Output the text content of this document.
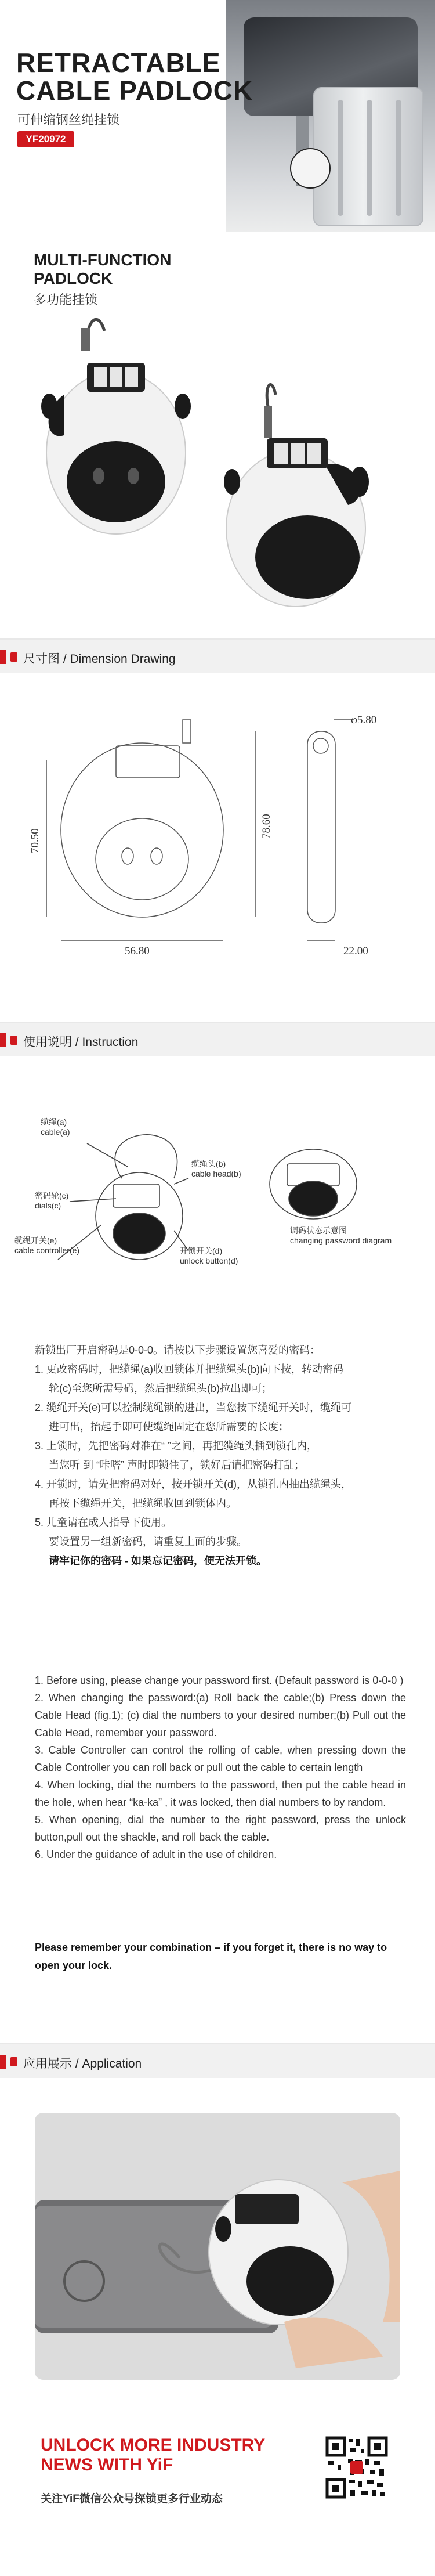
RETRACTABLE
CABLE PADLOCK
可伸缩钢丝绳挂锁
YF20972
MULTI-FUNCTION
PADLOCK
多功能挂锁
尺寸图 / Dimension Drawing
φ5.80
70.50
78.60
56.80	22.00
使用说明 / Instruction
缆绳(a) cable(a)
缆绳头(b) cable head(b)
密码轮(c) dials(c)
缆绳开关(e) cable controller(e)	开锁开关(d) unlock button(d)
调码状态示意图 changing password diagram
新锁出厂开启密码是0-0-0。请按以下步骤设置您喜爱的密码：
1. 更改密码时，把缆绳(a)收回锁体并把缆绳头(b)向下按，转动密码
轮(c)至您所需号码，然后把缆绳头(b)拉出即可；
2. 缆绳开关(e)可以控制缆绳锁的进出，当您按下缆绳开关时，缆绳可
进可出，抬起手即可使缆绳固定在您所需要的长度；
3. 上锁时，先把密码对准在“ ”之间，再把缆绳头插到锁孔内，
当您听 到 “咔嗒” 声时即锁住了，锁好后请把密码打乱；
4. 开锁时，请先把密码对好，按开锁开关(d)，从锁孔内抽出缆绳头，
再按下缆绳开关，把缆绳收回到锁体内。
5. 儿童请在成人指导下使用。
要设置另一组新密码，请重复上面的步骤。
请牢记你的密码 - 如果忘记密码，便无法开锁。

1. Before using, please change your password first. (Default password is 0-0-0 )

2. When changing the password:(a) Roll back the cable;(b) Press down the Cable Head (fig.1); (c) dial the numbers to your desired number;(b) Pull out the Cable Head, remember your password.

3. Cable Controller can control the rolling of cable, when pressing down the Cable Controller you can roll back or pull out the cable to certain length

4. When locking, dial the numbers to the password, then put the cable head in the hole, when hear “ka-ka” , it was locked, then dial numbers to by random.

5. When opening, dial the number to the right password, press the unlock button,pull out the shackle, and roll back the cable.

6. Under the guidance of adult in the use of children.

Please remember your combination – if you forget it, there is no way to open your lock.
应用展示 / Application
UNLOCK MORE INDUSTRY
NEWS WITH YiF
关注YiF微信公众号探锁更多行业动态
